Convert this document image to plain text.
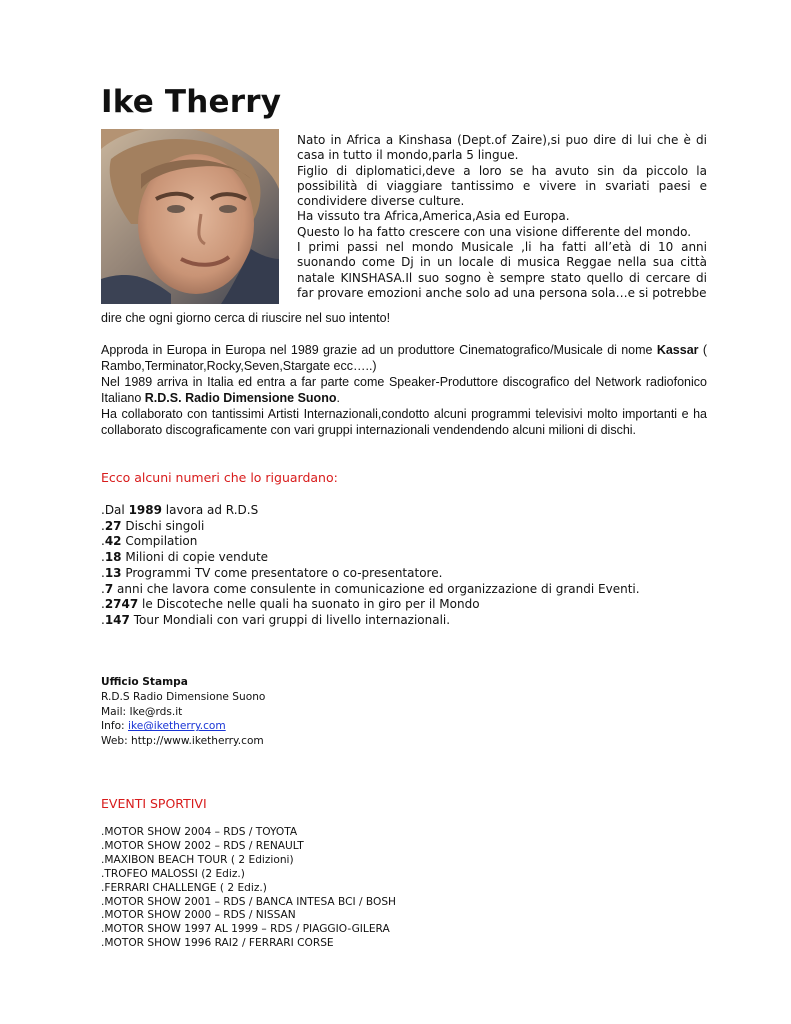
Ike Therry

Nato in Africa a Kinshasa (Dept.of Zaire),si puo dire di lui che è di casa in tutto il mondo,parla 5 lingue.

Figlio di diplomatici,deve a loro se ha avuto sin da piccolo la possibilità di viaggiare tantissimo e vivere in svariati paesi e condividere diverse culture.

Ha vissuto tra Africa,America,Asia ed Europa.

Questo lo ha fatto crescere con una visione differente del mondo.

I primi passi nel mondo Musicale ,li ha fatti all’età di 10 anni suonando come Dj in un locale di musica Reggae nella sua città natale KINSHASA.Il suo sogno è sempre stato quello di cercare di far provare emozioni anche solo ad una persona sola…e si potrebbe

dire che ogni giorno cerca di riuscire nel suo intento!

Approda in Europa in Europa nel 1989 grazie ad un produttore Cinematografico/Musicale di nome Kassar ( Rambo,Terminator,Rocky,Seven,Stargate ecc…..)

Nel 1989 arriva in Italia ed entra a far parte come Speaker-Produttore discografico del Network radiofonico Italiano R.D.S. Radio Dimensione Suono.

Ha collaborato con tantissimi Artisti Internazionali,condotto alcuni programmi televisivi molto importanti e ha collaborato discograficamente con vari gruppi internazionali vendendendo alcuni milioni di dischi.

Ecco alcuni numeri che lo riguardano:
.Dal 1989 lavora ad R.D.S
.27 Dischi singoli
.42 Compilation
.18 Milioni di copie vendute
.13 Programmi TV come presentatore o co-presentatore.
.7 anni che lavora come consulente in comunicazione ed organizzazione di grandi Eventi.
.2747 le Discoteche nelle quali ha suonato in giro per il Mondo
.147 Tour Mondiali con vari gruppi di livello internazionali.
Ufficio Stampa
R.D.S Radio Dimensione Suono
Mail: Ike@rds.it
Info: ike@iketherry.com
Web: http://www.iketherry.com
EVENTI SPORTIVI
.MOTOR SHOW 2004 – RDS / TOYOTA
.MOTOR SHOW 2002 – RDS / RENAULT
.MAXIBON BEACH TOUR ( 2 Edizioni)
.TROFEO MALOSSI (2 Ediz.)
.FERRARI CHALLENGE ( 2 Ediz.)
.MOTOR SHOW 2001 – RDS / BANCA INTESA BCI / BOSH
.MOTOR SHOW 2000 – RDS / NISSAN
.MOTOR SHOW 1997 AL 1999 – RDS / PIAGGIO-GILERA
.MOTOR SHOW 1996 RAI2 / FERRARI CORSE
